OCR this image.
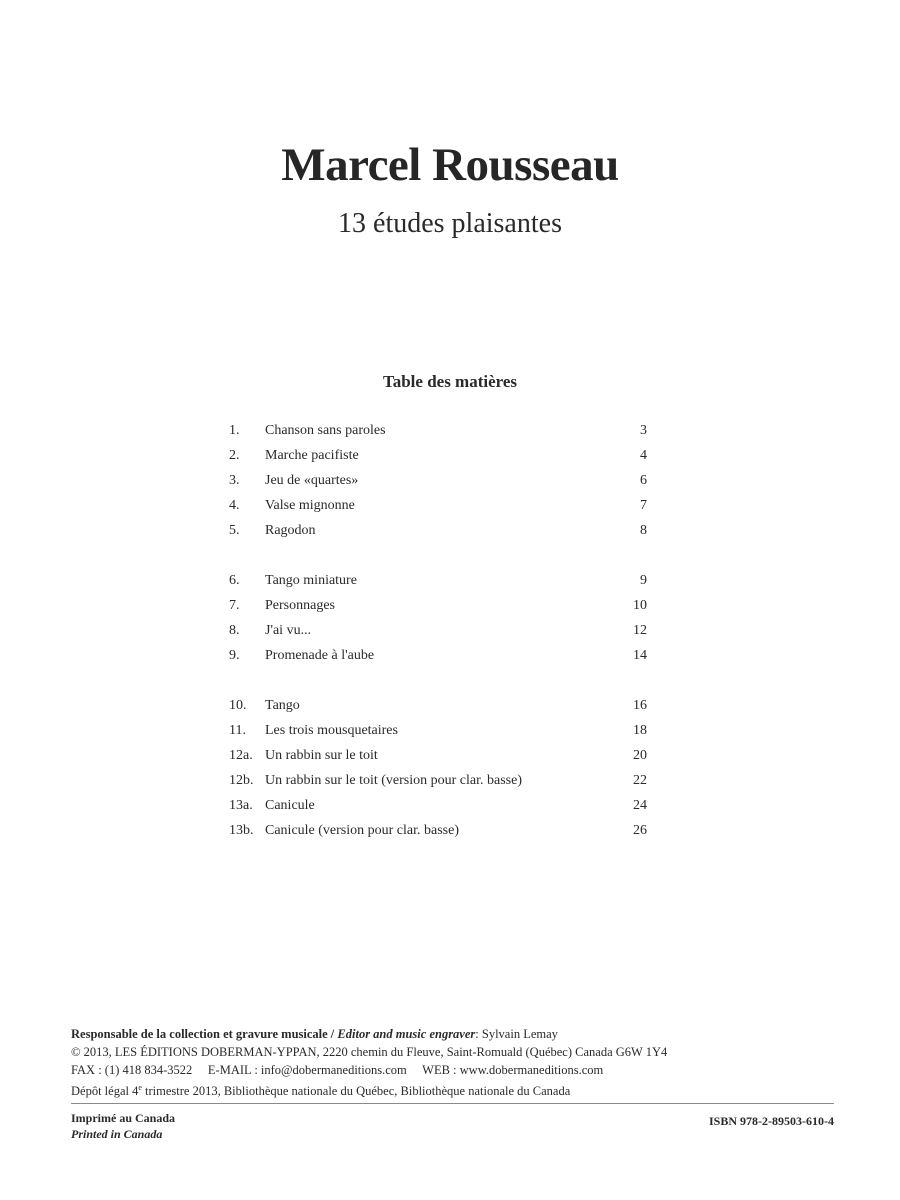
Marcel Rousseau
13 études plaisantes
Table des matières
1.	Chanson sans paroles	3
2.	Marche pacifiste	4
3.	Jeu de «quartes»	6
4.	Valse mignonne	7
5.	Ragodon	8
6.	Tango miniature	9
7.	Personnages	10
8.	J'ai vu...	12
9.	Promenade à l'aube	14
10.	Tango	16
11.	Les trois mousquetaires	18
12a. Un rabbin sur le toit	20
12b. Un rabbin sur le toit (version pour clar. basse)	22
13a. Canicule	24
13b. Canicule (version pour clar. basse)	26
Responsable de la collection et gravure musicale / Editor and music engraver: Sylvain Lemay
© 2013, LES ÉDITIONS DOBERMAN-YPPAN, 2220 chemin du Fleuve, Saint-Romuald (Québec) Canada G6W 1Y4
FAX : (1) 418 834-3522     E-MAIL : info@dobermaneditions.com     WEB : www.dobermaneditions.com
Dépôt légal 4e trimestre 2013, Bibliothèque nationale du Québec, Bibliothèque nationale du Canada
Imprimé au Canada
Printed in Canada
ISBN 978-2-89503-610-4
